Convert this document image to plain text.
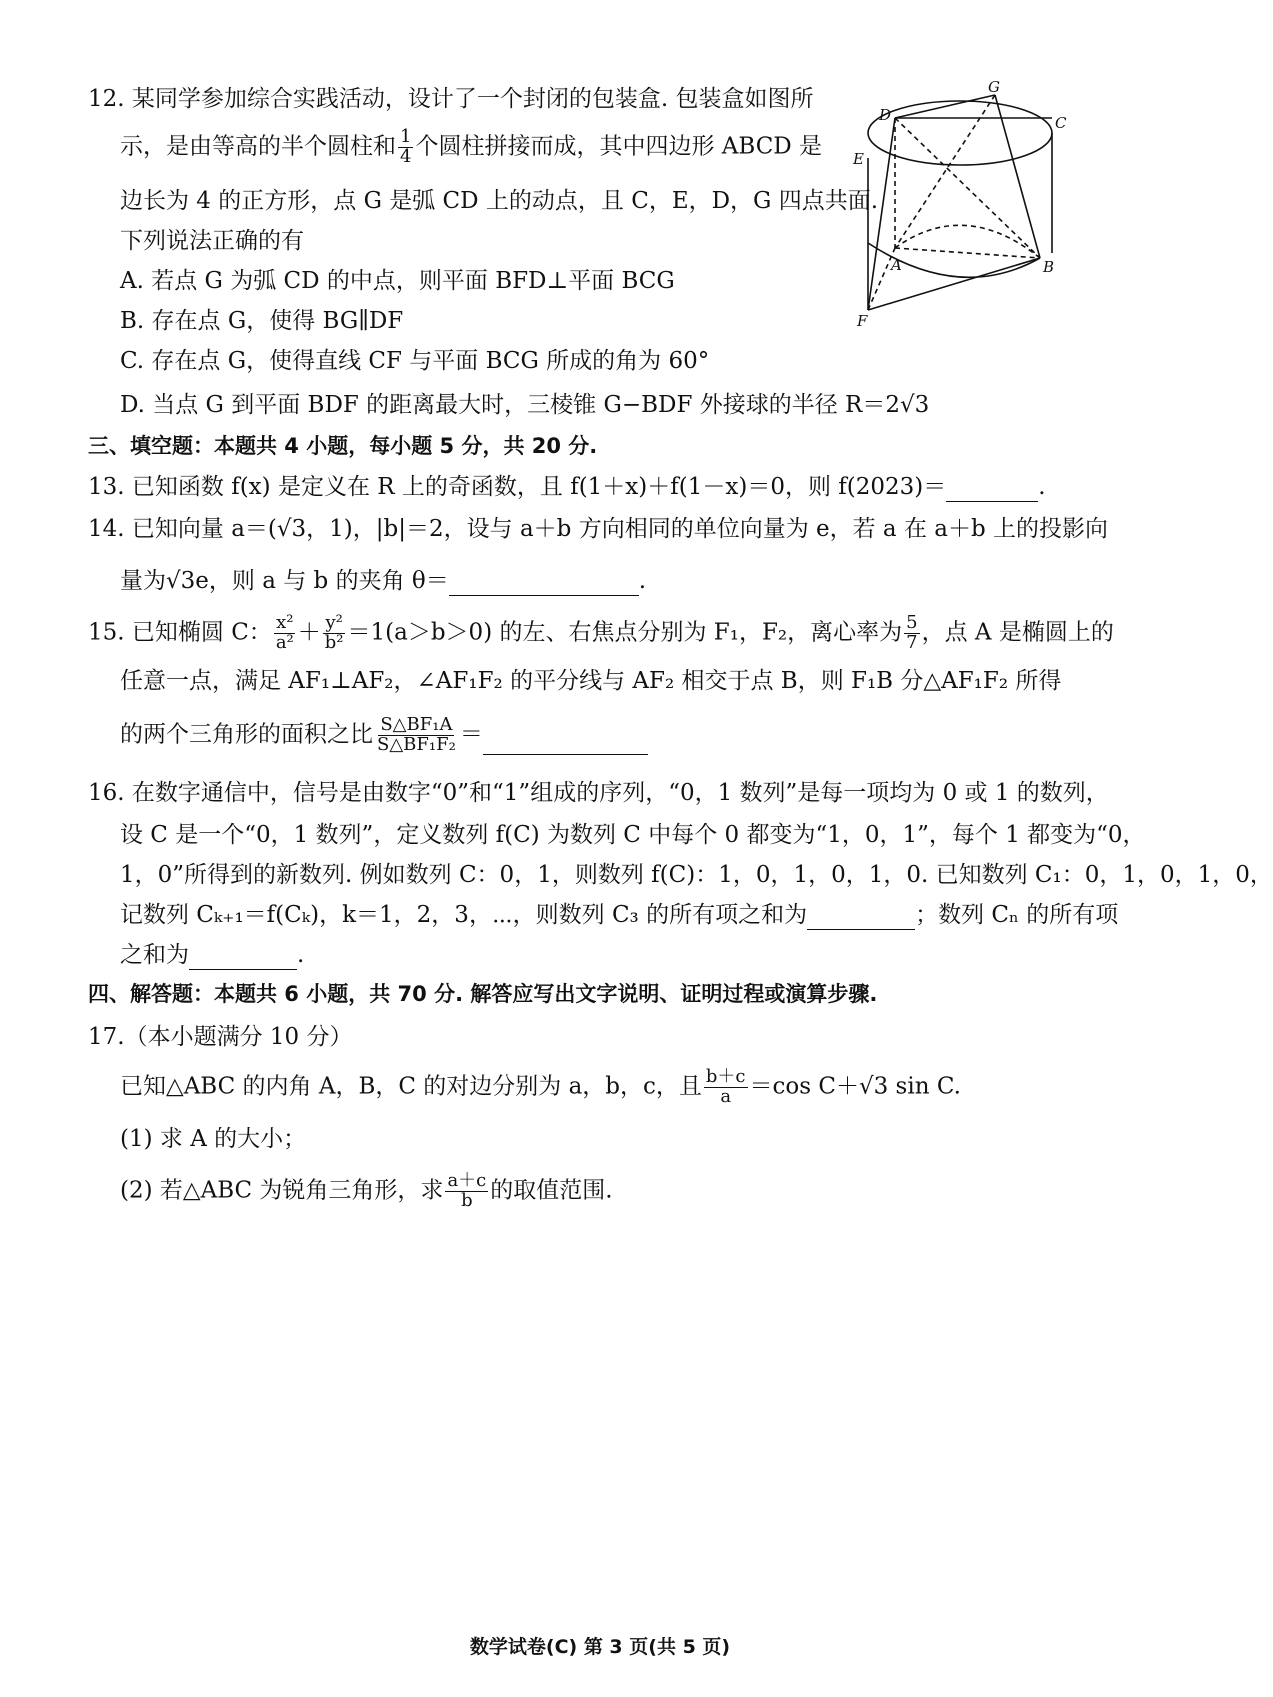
12. 某同学参加综合实践活动，设计了一个封闭的包装盒. 包装盒如图所
示，是由等高的半个圆柱和 $\frac{1}{4}$ 个圆柱拼接而成，其中四边形 ABCD 是
边长为 4 的正方形，点 G 是弧 CD 上的动点，且 C，E，D，G 四点共面.
下列说法正确的有
A. 若点 G 为弧 CD 的中点，则平面 BFD⊥平面 BCG
B. 存在点 G，使得 BG∥DF
C. 存在点 G，使得直线 CF 与平面 BCG 所成的角为 60°
D. 当点 G 到平面 BDF 的距离最大时，三棱锥 G−BDF 外接球的半径 R＝2√3
G
D	C
E
A	B
F
三、填空题：本题共 4 小题，每小题 5 分，共 20 分.
13. 已知函数 f(x) 是定义在 R 上的奇函数，且 f(1＋x)＋f(1－x)＝0，则 f(2023)＝	.
14. 已知向量 a＝(√3，1)，|b|＝2，设与 a＋b 方向相同的单位向量为 e，若 a 在 a＋b 上的投影向
量为√3e，则 a 与 b 的夹角 θ＝	.
15. 已知椭圆 C： $\frac{\text{x²}}{\text{a²}} + \frac{\text{y²}}{\text{b²}} =1(a>b>0)$ 的左、右焦点分别为 F₁，F₂，离心率为 $\frac{5}{7}$ ，点 A 是椭圆上的
任意一点，满足 AF₁⊥AF₂，∠AF₁F₂ 的平分线与 AF₂ 相交于点 B，则 F₁B 分△AF₁F₂ 所得
的两个三角形的面积之比 $\frac{\text{S△BF₁A}}{\text{S△BF₁F₂}}$ ＝
16. 在数字通信中，信号是由数字“0”和“1”组成的序列，“0，1 数列”是每一项均为 0 或 1 的数列，
设 C 是一个“0，1 数列”，定义数列 f(C) 为数列 C 中每个 0 都变为“1，0，1”，每个 1 都变为“0，
1，0”所得到的新数列. 例如数列 C：0，1，则数列 f(C)：1，0，1，0，1，0. 已知数列 C₁：0，1，0，1，0，
记数列 Cₖ₊₁＝f(Cₖ)，k＝1，2，3，⋯，则数列 C₃ 的所有项之和为	；数列 Cₙ 的所有项
之和为	.
四、解答题：本题共 6 小题，共 70 分. 解答应写出文字说明、证明过程或演算步骤.
17.（本小题满分 10 分）
已知△ABC 的内角 A，B，C 的对边分别为 a，b，c，且 $\frac{b+c}{a} =\cos$ C＋√3 sin C.
(1) 求 A 的大小；
(2) 若△ABC 为锐角三角形，求 $\frac{a+c}{b}$ 的取值范围.
数学试卷(C) 第 3 页(共 5 页)
